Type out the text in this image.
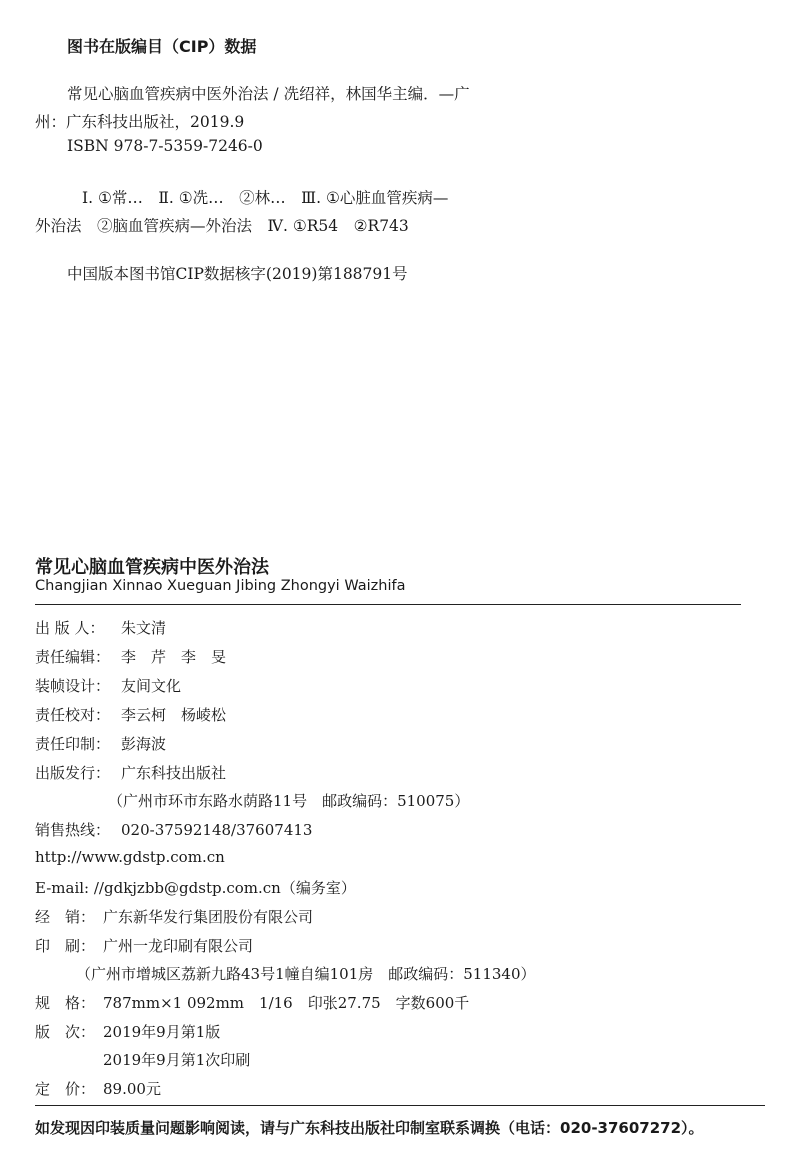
图书在版编目（CIP）数据
常见心脑血管疾病中医外治法 / 冼绍祥，林国华主编．—广
州：广东科技出版社，2019.9
ISBN 978-7-5359-7246-0
Ⅰ. ①常…　Ⅱ. ①冼…　②林…　Ⅲ. ①心脏血管疾病—
外治法　②脑血管疾病—外治法　Ⅳ. ①R54　②R743
中国版本图书馆CIP数据核字(2019)第188791号
常见心脑血管疾病中医外治法
Changjian Xinnao Xueguan Jibing Zhongyi Waizhifa
出 版 人： 朱文清
责任编辑： 李　芹　李　旻
装帧设计： 友间文化
责任校对： 李云柯　杨崚松
责任印制： 彭海波
出版发行： 广东科技出版社
（广州市环市东路水荫路11号　邮政编码：510075）
销售热线： 020-37592148/37607413
http://www.gdstp.com.cn
E-mail: //gdkjzbb@gdstp.com.cn（编务室）
经　销： 广东新华发行集团股份有限公司
印　刷： 广州一龙印刷有限公司
（广州市增城区荔新九路43号1幢自编101房　邮政编码：511340）
规　格： 787mm×1 092mm　1/16　印张27.75　字数600千
版　次： 2019年9月第1版
2019年9月第1次印刷
定　价： 89.00元
如发现因印装质量问题影响阅读，请与广东科技出版社印制室联系调换（电话：020-37607272）。
